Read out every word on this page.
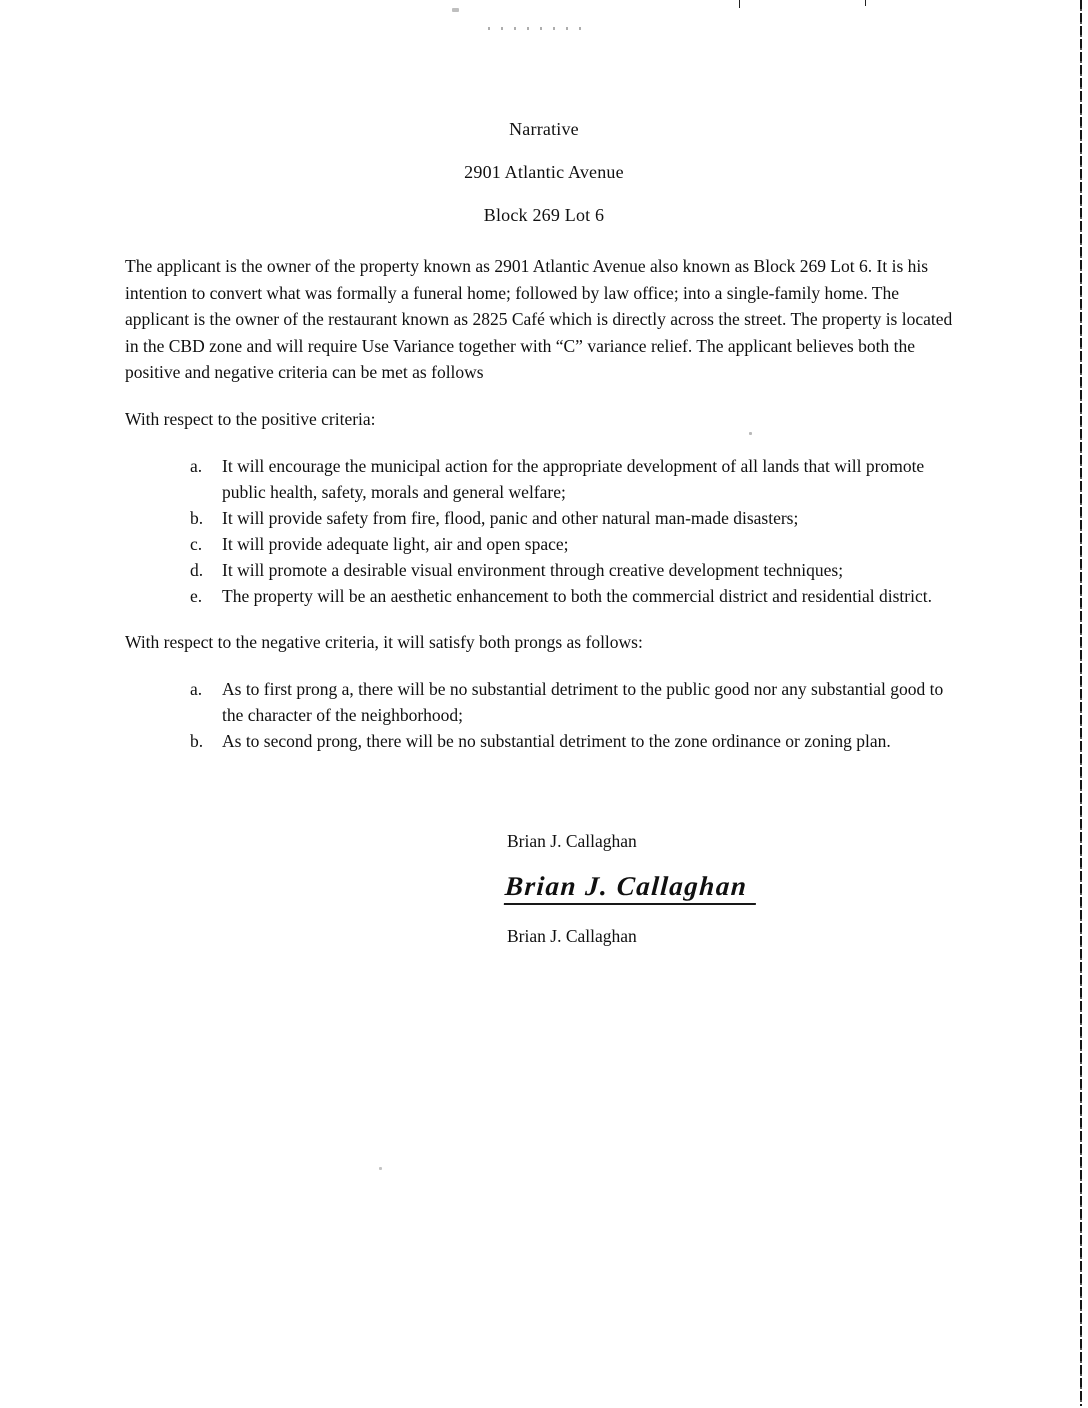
Narrative
2901 Atlantic Avenue
Block 269 Lot 6
The applicant is the owner of the property known as 2901 Atlantic Avenue also known as Block 269 Lot 6. It is his intention to convert what was formally a funeral home; followed by law office; into a single-family home. The applicant is the owner of the restaurant known as 2825 Café which is directly across the street. The property is located in the CBD zone and will require Use Variance together with “C” variance relief. The applicant believes both the positive and negative criteria can be met as follows
With respect to the positive criteria:
a.	It will encourage the municipal action for the appropriate development of all lands that will promote public health, safety, morals and general welfare;
b.	It will provide safety from fire, flood, panic and other natural man-made disasters;
c.	It will provide adequate light, air and open space;
d.	It will promote a desirable visual environment through creative development techniques;
e.	The property will be an aesthetic enhancement to both the commercial district and residential district.
With respect to the negative criteria, it will satisfy both prongs as follows:
a.	As to first prong a, there will be no substantial detriment to the public good nor any substantial good to the character of the neighborhood;
b.	As to second prong, there will be no substantial detriment to the zone ordinance or zoning plan.
Brian J. Callaghan
Brian J. Callaghan
Brian J. Callaghan
